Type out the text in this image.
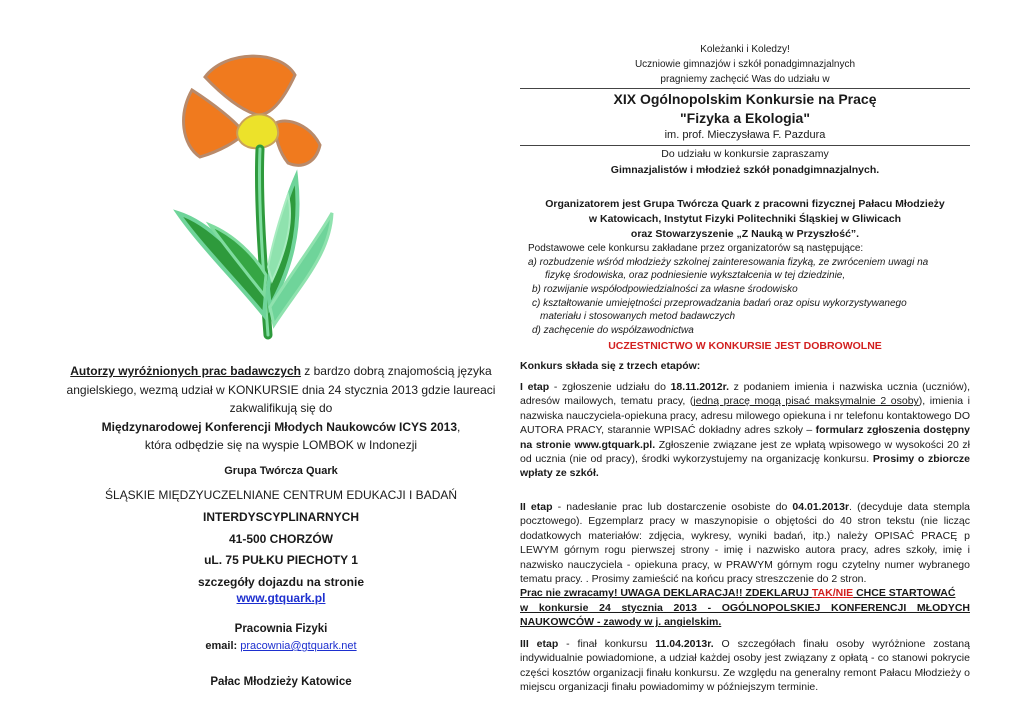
Autorzy wyróżnionych prac badawczych z bardzo dobrą znajomością języka angielskiego, wezmą udział w KONKURSIE dnia 24 stycznia 2013 gdzie laureaci zakwalifikują się do
Międzynarodowej Konferencji Młodych Naukowców ICYS 2013,
która odbędzie się na wyspie LOMBOK w Indonezji
Grupa Twórcza Quark
ŚLĄSKIE MIĘDZYUCZELNIANE CENTRUM EDUKACJI I BADAŃ
INTERDYSCYPLINARNYCH
41-500 CHORZÓW
uL. 75 PUŁKU PIECHOTY 1
szczegóły dojazdu na stronie
www.gtquark.pl
Pracownia Fizyki
email: pracownia@gtquark.net
Pałac Młodzieży Katowice
Koleżanki i Koledzy!
Uczniowie gimnazjów i szkół ponadgimnazjalnych
pragniemy zachęcić Was do udziału w
XIX Ogólnopolskim Konkursie na Pracę
"Fizyka a Ekologia"
im. prof. Mieczysława F. Pazdura
Do udziału w konkursie zapraszamy
Gimnazjalistów i młodzież szkół ponadgimnazjalnych.
Organizatorem jest Grupa Twórcza Quark z pracowni fizycznej Pałacu Młodzieży
w Katowicach, Instytut Fizyki Politechniki Śląskiej w Gliwicach
oraz Stowarzyszenie „Z Nauką w Przyszłość”.
Podstawowe cele konkursu zakładane przez organizatorów są następujące:
a) rozbudzenie wśród młodzieży szkolnej zainteresowania fizyką, ze zwróceniem uwagi na
fizykę środowiska, oraz podniesienie wykształcenia w tej dziedzinie,
b) rozwijanie współodpowiedzialności za własne środowisko
c) kształtowanie umiejętności przeprowadzania badań oraz opisu wykorzystywanego
materiału i stosowanych metod badawczych
d) zachęcenie do współzawodnictwa
UCZESTNICTWO W KONKURSIE JEST DOBROWOLNE
Konkurs składa się z trzech etapów:
I etap - zgłoszenie udziału do 18.11.2012r. z podaniem imienia i nazwiska ucznia (uczniów), adresów mailowych, tematu pracy, (jedną pracę mogą pisać maksymalnie 2 osoby), imienia i nazwiska nauczyciela-opiekuna pracy, adresu milowego opiekuna i nr telefonu kontaktowego DO AUTORA PRACY, starannie WPISAĆ dokładny adres szkoły – formularz zgłoszenia dostępny na stronie www.gtquark.pl. Zgłoszenie związane jest ze wpłatą wpisowego w wysokości 20 zł od ucznia (nie od pracy), środki wykorzystujemy na organizację konkursu. Prosimy o zbiorcze wpłaty ze szkół.
II etap - nadesłanie prac lub dostarczenie osobiste do 04.01.2013r. (decyduje data stempla pocztowego). Egzemplarz pracy w maszynopisie o objętości do 40 stron tekstu (nie licząc dodatkowych materiałów: zdjęcia, wykresy, wyniki badań, itp.) należy OPISAĆ PRACĘ p LEWYM górnym rogu pierwszej strony - imię i nazwisko autora pracy, adres szkoły, imię i nazwisko nauczyciela - opiekuna pracy, w PRAWYM górnym rogu czytelny numer wybranego tematu pracy. . Prosimy zamieścić na końcu pracy streszczenie do 2 stron.
Prac nie zwracamy! UWAGA DEKLARACJA!! ZDEKLARUJ TAK/NIE CHCE STARTOWAĆ
w konkursie 24 stycznia 2013 - OGÓLNOPOLSKIEJ KONFERENCJI MŁODYCH NAUKOWCÓW - zawody w j. angielskim.
III etap - finał konkursu 11.04.2013r. O szczegółach finału osoby wyróżnione zostaną indywidualnie powiadomione, a udział każdej osoby jest związany z opłatą - co stanowi pokrycie części kosztów organizacji finału konkursu. Ze względu na generalny remont Pałacu Młodzieży o miejscu organizacji finału powiadomimy w późniejszym terminie.
